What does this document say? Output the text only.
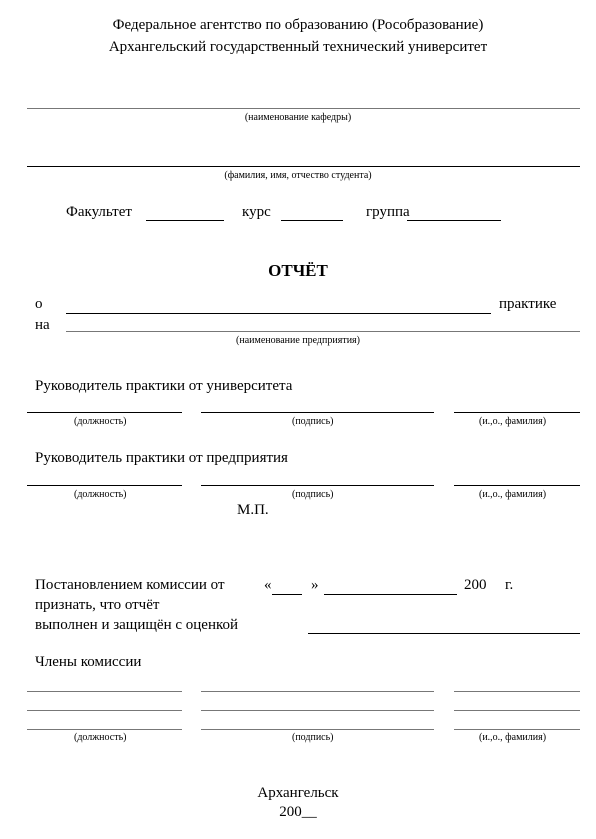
Федеральное агентство по образованию (Рособразование)
Архангельский государственный технический университет
(наименование кафедры)
(фамилия, имя, отчество студента)
Факультет	курс	группа
ОТЧЁТ
о	практике
на
(наименование предприятия)
Руководитель практики от университета
(должность)	(подпись)	(и.,о., фамилия)
Руководитель практики от предприятия
(должность)	(подпись)	(и.,о., фамилия)
М.П.
Постановлением комиссии от	«	»	200 г.
признать, что отчёт
выполнен и защищён с оценкой
Члены комиссии
(должность)	(подпись)	(и.,о., фамилия)
Архангельск
200__
